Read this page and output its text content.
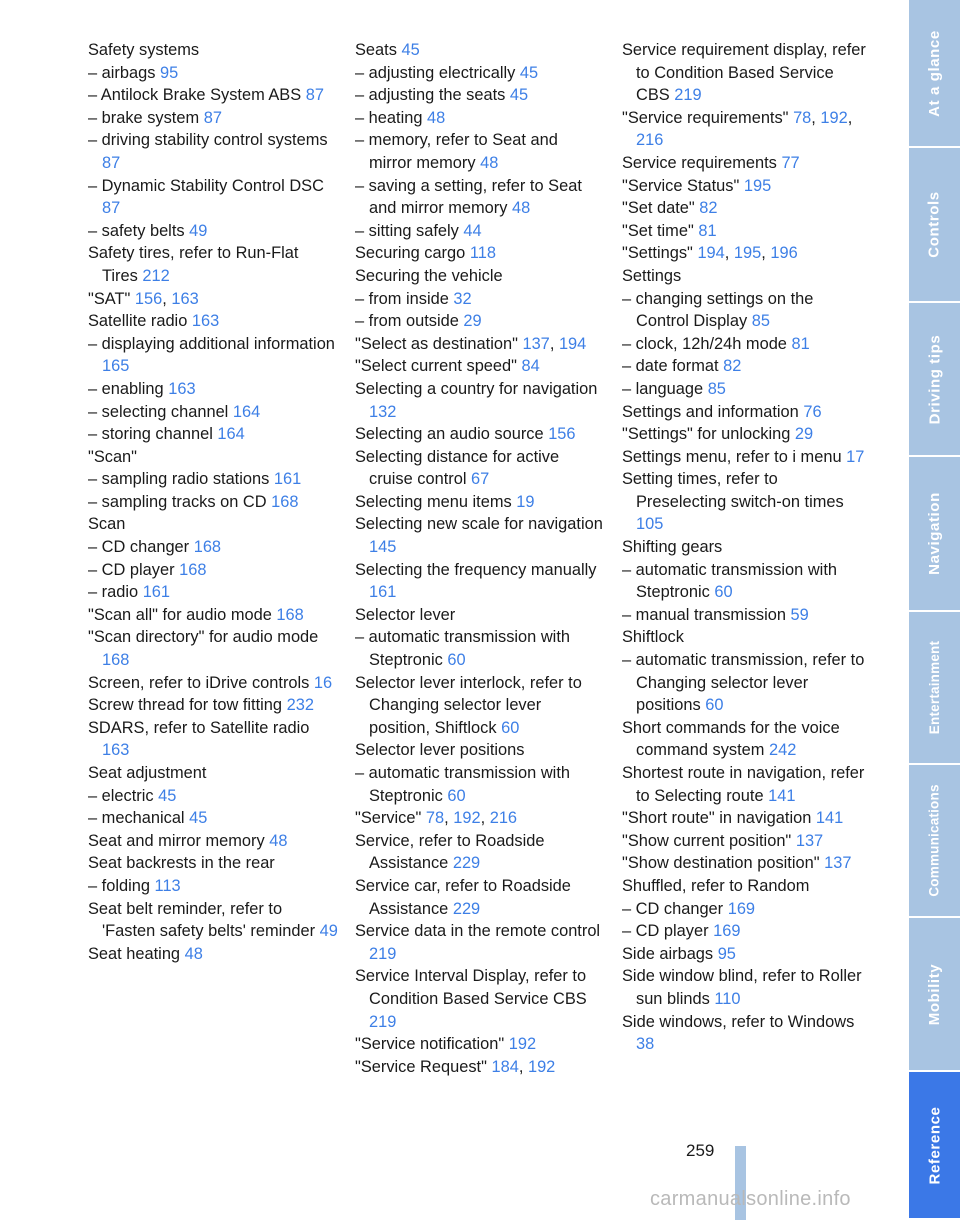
Safety systems
– airbags 95
– Antilock Brake System ABS 87
– brake system 87
– driving stability control systems 87
– Dynamic Stability Control DSC 87
– safety belts 49
Safety tires, refer to Run-Flat Tires 212
"SAT" 156, 163
Satellite radio 163
– displaying additional information 165
– enabling 163
– selecting channel 164
– storing channel 164
"Scan"
– sampling radio stations 161
– sampling tracks on CD 168
Scan
– CD changer 168
– CD player 168
– radio 161
"Scan all" for audio mode 168
"Scan directory" for audio mode 168
Screen, refer to iDrive controls 16
Screw thread for tow fitting 232
SDARS, refer to Satellite radio 163
Seat adjustment
– electric 45
– mechanical 45
Seat and mirror memory 48
Seat backrests in the rear
– folding 113
Seat belt reminder, refer to 'Fasten safety belts' reminder 49
Seat heating 48
Seats 45
– adjusting electrically 45
– adjusting the seats 45
– heating 48
– memory, refer to Seat and mirror memory 48
– saving a setting, refer to Seat and mirror memory 48
– sitting safely 44
Securing cargo 118
Securing the vehicle
– from inside 32
– from outside 29
"Select as destination" 137, 194
"Select current speed" 84
Selecting a country for navigation 132
Selecting an audio source 156
Selecting distance for active cruise control 67
Selecting menu items 19
Selecting new scale for navigation 145
Selecting the frequency manually 161
Selector lever
– automatic transmission with Steptronic 60
Selector lever interlock, refer to Changing selector lever position, Shiftlock 60
Selector lever positions
– automatic transmission with Steptronic 60
"Service" 78, 192, 216
Service, refer to Roadside Assistance 229
Service car, refer to Roadside Assistance 229
Service data in the remote control 219
Service Interval Display, refer to Condition Based Service CBS 219
"Service notification" 192
"Service Request" 184, 192
Service requirement display, refer to Condition Based Service CBS 219
"Service requirements" 78, 192, 216
Service requirements 77
"Service Status" 195
"Set date" 82
"Set time" 81
"Settings" 194, 195, 196
Settings
– changing settings on the Control Display 85
– clock, 12h/24h mode 81
– date format 82
– language 85
Settings and information 76
"Settings" for unlocking 29
Settings menu, refer to i menu 17
Setting times, refer to Preselecting switch-on times 105
Shifting gears
– automatic transmission with Steptronic 60
– manual transmission 59
Shiftlock
– automatic transmission, refer to Changing selector lever positions 60
Short commands for the voice command system 242
Shortest route in navigation, refer to Selecting route 141
"Short route" in navigation 141
"Show current position" 137
"Show destination position" 137
Shuffled, refer to Random
– CD changer 169
– CD player 169
Side airbags 95
Side window blind, refer to Roller sun blinds 110
Side windows, refer to Windows 38
At a glance
Controls
Driving tips
Navigation
Entertainment
Communications
Mobility
Reference
259
carmanualsonline.info
